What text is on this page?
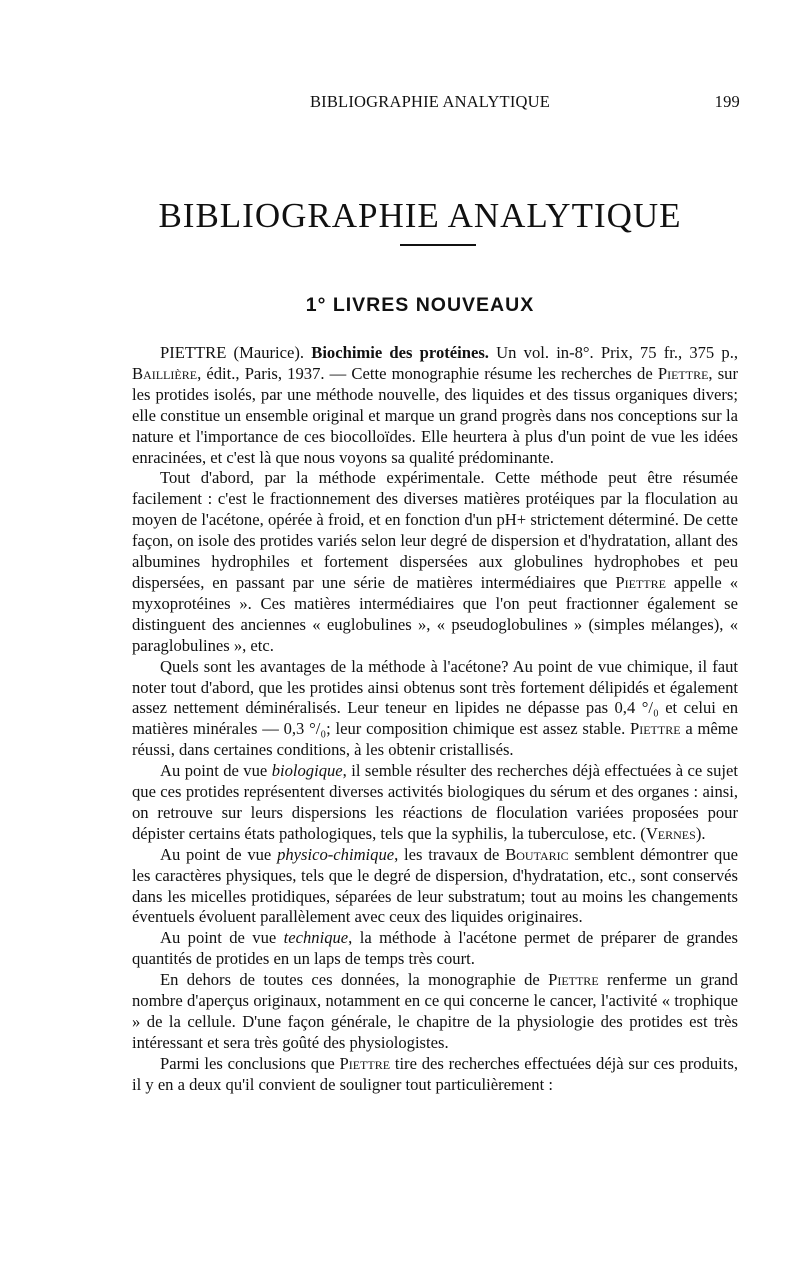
BIBLIOGRAPHIE ANALYTIQUE	199
BIBLIOGRAPHIE ANALYTIQUE
1° LIVRES NOUVEAUX

PIETTRE (Maurice). Biochimie des protéines. Un vol. in-8°. Prix, 75 fr., 375 p., Baillière, édit., Paris, 1937. — Cette monographie résume les recherches de Piettre, sur les protides isolés, par une méthode nouvelle, des liquides et des tissus organiques divers; elle constitue un ensemble original et marque un grand progrès dans nos conceptions sur la nature et l'importance de ces biocolloïdes. Elle heurtera à plus d'un point de vue les idées enracinées, et c'est là que nous voyons sa qualité prédominante.

Tout d'abord, par la méthode expérimentale. Cette méthode peut être résumée facilement : c'est le fractionnement des diverses matières protéiques par la floculation au moyen de l'acétone, opérée à froid, et en fonction d'un pH+ strictement déterminé. De cette façon, on isole des protides variés selon leur degré de dispersion et d'hydratation, allant des albumines hydrophiles et fortement dispersées aux globulines hydrophobes et peu dispersées, en passant par une série de matières intermédiaires que Piettre appelle « myxoprotéines ». Ces matières intermédiaires que l'on peut fractionner également se distinguent des anciennes « euglobulines », « pseudoglobulines » (simples mélanges), « paraglobulines », etc.

Quels sont les avantages de la méthode à l'acétone? Au point de vue chimique, il faut noter tout d'abord, que les protides ainsi obtenus sont très fortement délipidés et également assez nettement déminéralisés. Leur teneur en lipides ne dépasse pas 0,4 °/₀ et celui en matières minérales — 0,3 °/₀; leur composition chimique est assez stable. Piettre a même réussi, dans certaines conditions, à les obtenir cristallisés.

Au point de vue biologique, il semble résulter des recherches déjà effectuées à ce sujet que ces protides représentent diverses activités biologiques du sérum et des organes : ainsi, on retrouve sur leurs dispersions les réactions de floculation variées proposées pour dépister certains états pathologiques, tels que la syphilis, la tuberculose, etc. (Vernes).

Au point de vue physico-chimique, les travaux de Boutaric semblent démontrer que les caractères physiques, tels que le degré de dispersion, d'hydratation, etc., sont conservés dans les micelles protidiques, séparées de leur substratum; tout au moins les changements éventuels évoluent parallèlement avec ceux des liquides originaires.

Au point de vue technique, la méthode à l'acétone permet de préparer de grandes quantités de protides en un laps de temps très court.

En dehors de toutes ces données, la monographie de Piettre renferme un grand nombre d'aperçus originaux, notamment en ce qui concerne le cancer, l'activité « trophique » de la cellule. D'une façon générale, le chapitre de la physiologie des protides est très intéressant et sera très goûté des physiologistes.

Parmi les conclusions que Piettre tire des recherches effectuées déjà sur ces produits, il y en a deux qu'il convient de souligner tout particulièrement :
